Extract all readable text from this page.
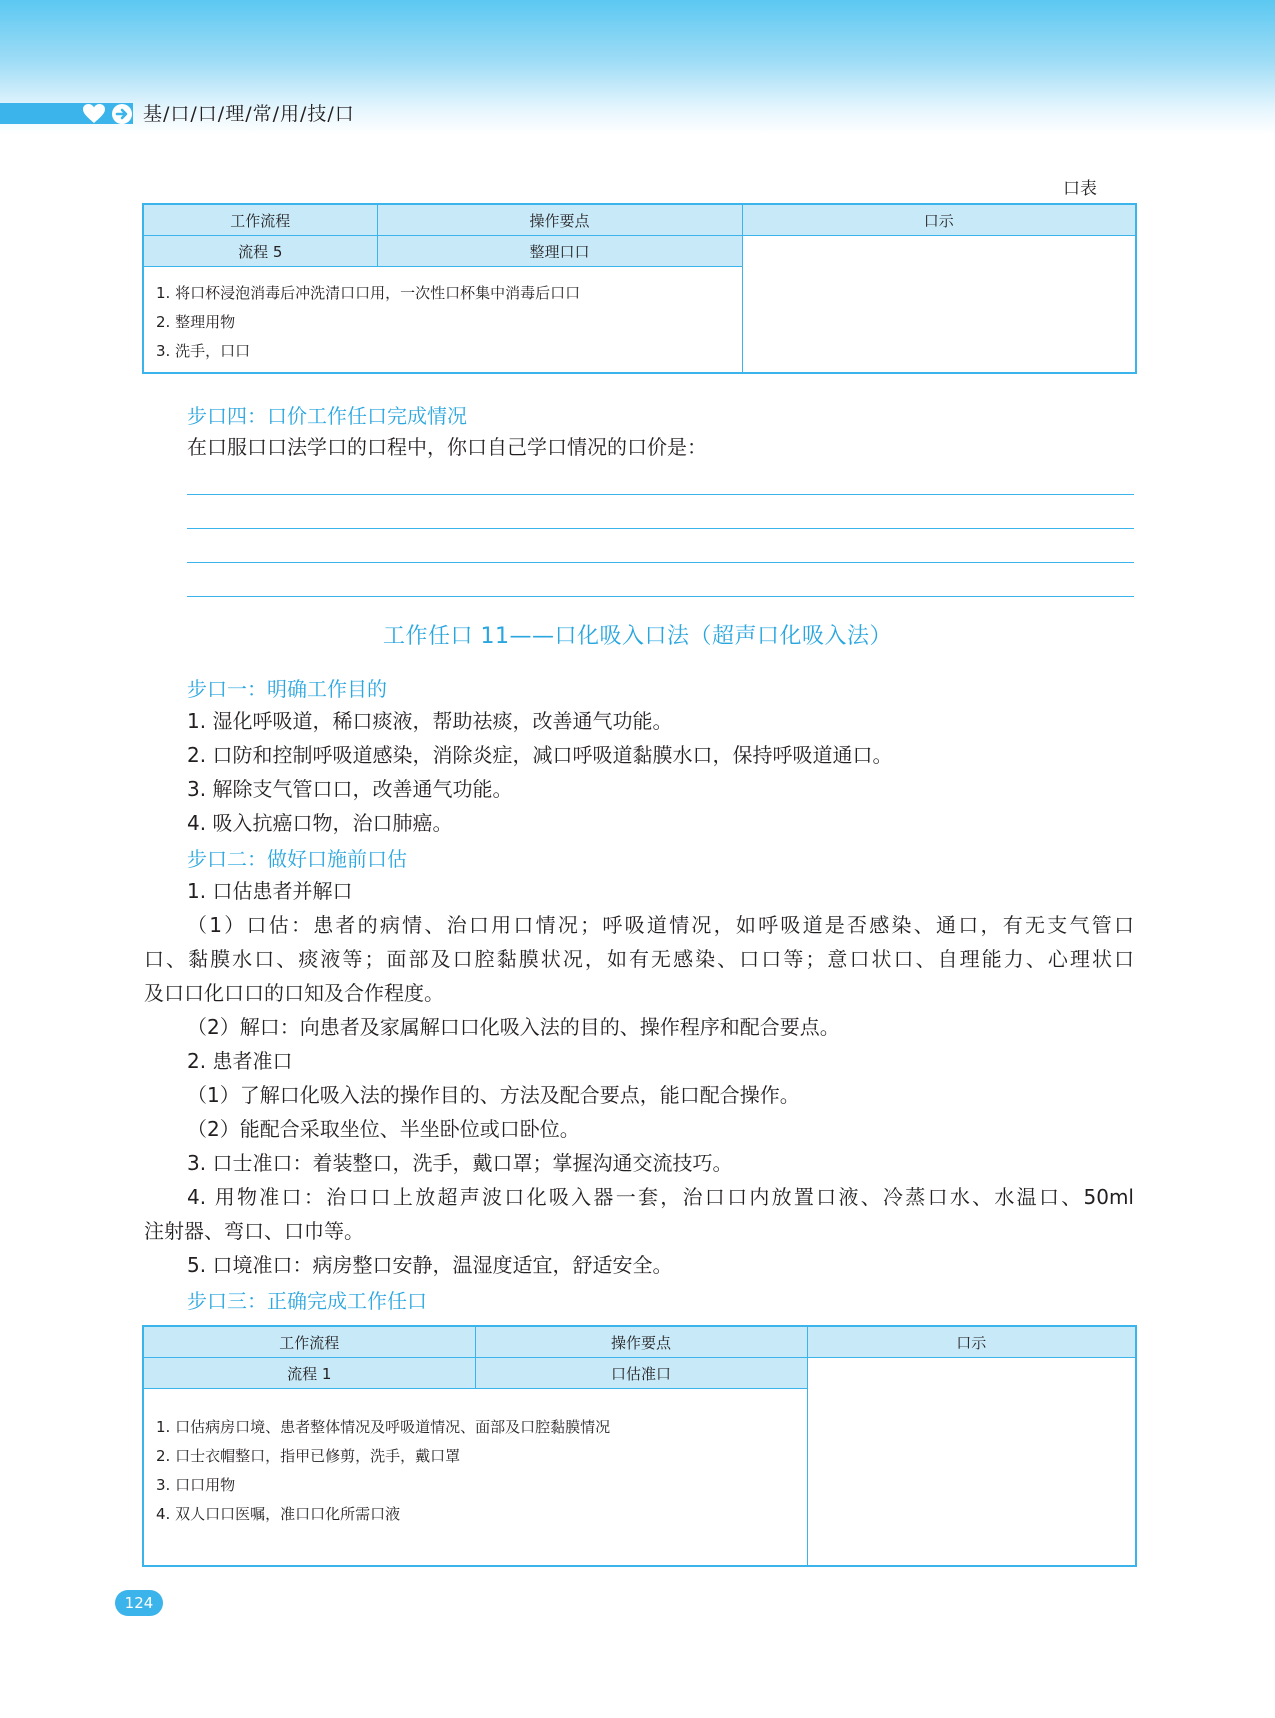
基/口/口/理/常/用/技/口
口表
工作流程	操作要点	口示
流程 5	整理口口	

1. 将口杯浸泡消毒后冲洗清口口用，一次性口杯集中消毒后口口
2. 整理用物
3. 洗手，口口		
步口四：口价工作任口完成情况
在口服口口法学口的口程中，你口自己学口情况的口价是：
工作任口 11——口化吸入口法（超声口化吸入法）
步口一：明确工作目的
1. 湿化呼吸道，稀口痰液，帮助祛痰，改善通气功能。
2. 口防和控制呼吸道感染，消除炎症，减口呼吸道黏膜水口，保持呼吸道通口。
3. 解除支气管口口，改善通气功能。
4. 吸入抗癌口物，治口肺癌。
步口二：做好口施前口估
1. 口估患者并解口
（1）口估：患者的病情、治口用口情况；呼吸道情况，如呼吸道是否感染、通口，有无支气管口
口、黏膜水口、痰液等；面部及口腔黏膜状况，如有无感染、口口等；意口状口、自理能力、心理状口
及口口化口口的口知及合作程度。
（2）解口：向患者及家属解口口化吸入法的目的、操作程序和配合要点。
2. 患者准口
（1）了解口化吸入法的操作目的、方法及配合要点，能口配合操作。
（2）能配合采取坐位、半坐卧位或口卧位。
3. 口士准口：着装整口，洗手，戴口罩；掌握沟通交流技巧。
4. 用物准口：治口口上放超声波口化吸入器一套，治口口内放置口液、冷蒸口水、水温口、50ml
注射器、弯口、口巾等。
5. 口境准口：病房整口安静，温湿度适宜，舒适安全。
步口三：正确完成工作任口
工作流程	操作要点	口示
流程 1	口估准口	

1. 口估病房口境、患者整体情况及呼吸道情况、面部及口腔黏膜情况
2. 口士衣帽整口，指甲已修剪，洗手，戴口罩
3. 口口用物
4. 双人口口医嘱，准口口化所需口液		
124
